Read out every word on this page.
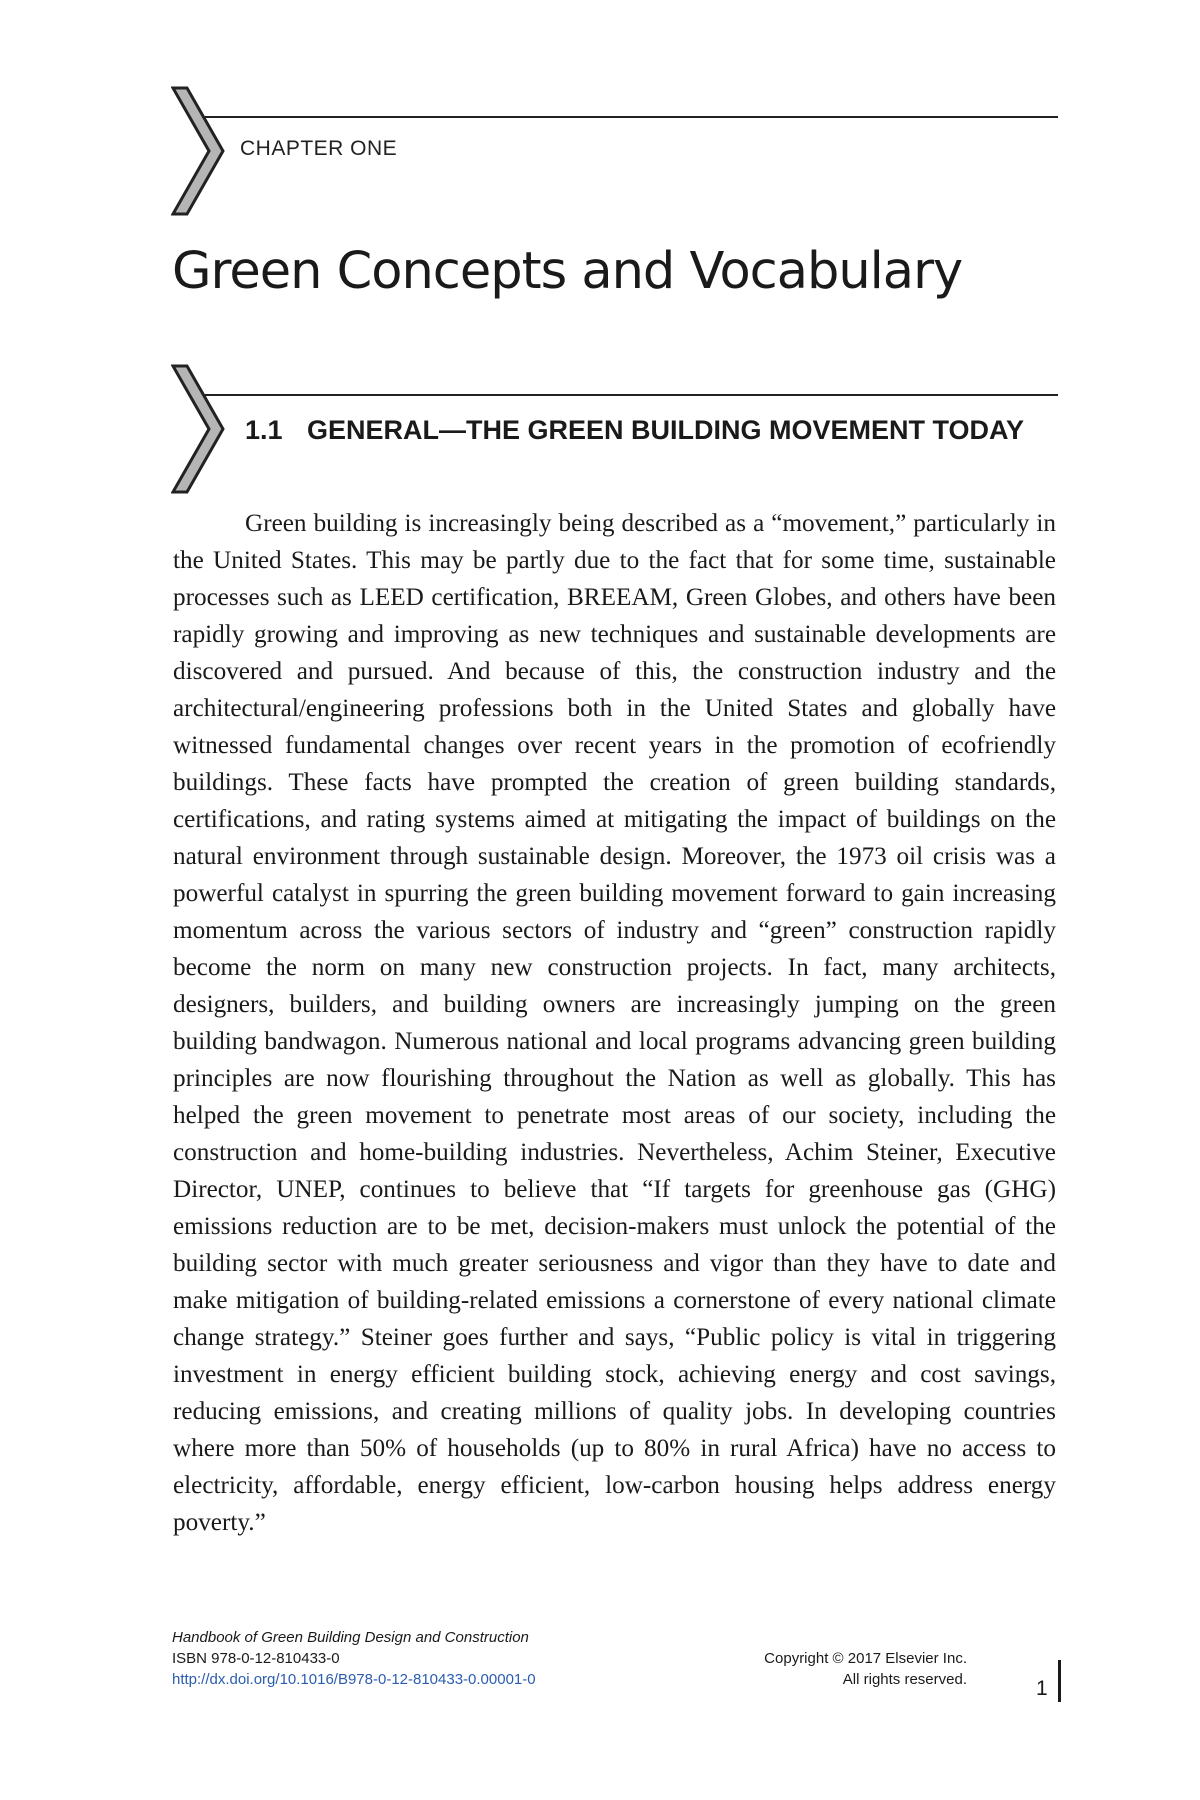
CHAPTER ONE
Green Concepts and Vocabulary
1.1 GENERAL—THE GREEN BUILDING MOVEMENT TODAY

Green building is increasingly being described as a “movement,” particularly in the United States. This may be partly due to the fact that for some time, sustainable processes such as LEED certification, BREEAM, Green Globes, and others have been rapidly growing and improving as new techniques and sustainable developments are discovered and pursued. And because of this, the construction industry and the architectural/engineering professions both in the United States and globally have witnessed fundamental changes over recent years in the promotion of ecofriendly buildings. These facts have prompted the creation of green building standards, certifications, and rating systems aimed at mitigating the impact of buildings on the natural environment through sustainable design. Moreover, the 1973 oil crisis was a powerful catalyst in spurring the green building movement forward to gain increasing momentum across the various sectors of industry and “green” construction rapidly become the norm on many new construction projects. In fact, many architects, designers, builders, and building owners are increasingly jumping on the green building bandwagon. Numerous national and local programs advancing green building principles are now flourishing throughout the Nation as well as globally. This has helped the green movement to penetrate most areas of our society, including the construction and home-building industries. Nevertheless, Achim Steiner, Executive Director, UNEP, continues to believe that “If targets for greenhouse gas (GHG) emissions reduction are to be met, decision-makers must unlock the potential of the building sector with much greater seriousness and vigor than they have to date and make mitigation of building-related emissions a cornerstone of every national climate change strategy.” Steiner goes further and says, “Public policy is vital in triggering investment in energy efficient building stock, achieving energy and cost savings, reducing emissions, and creating millions of quality jobs. In developing countries where more than 50% of households (up to 80% in rural Africa) have no access to electricity, affordable, energy efficient, low-carbon housing helps address energy poverty.”

Handbook of Green Building Design and Construction
ISBN 978-0-12-810433-0
http://dx.doi.org/10.1016/B978-0-12-810433-0.00001-0
Copyright © 2017 Elsevier Inc.
All rights reserved.	1
